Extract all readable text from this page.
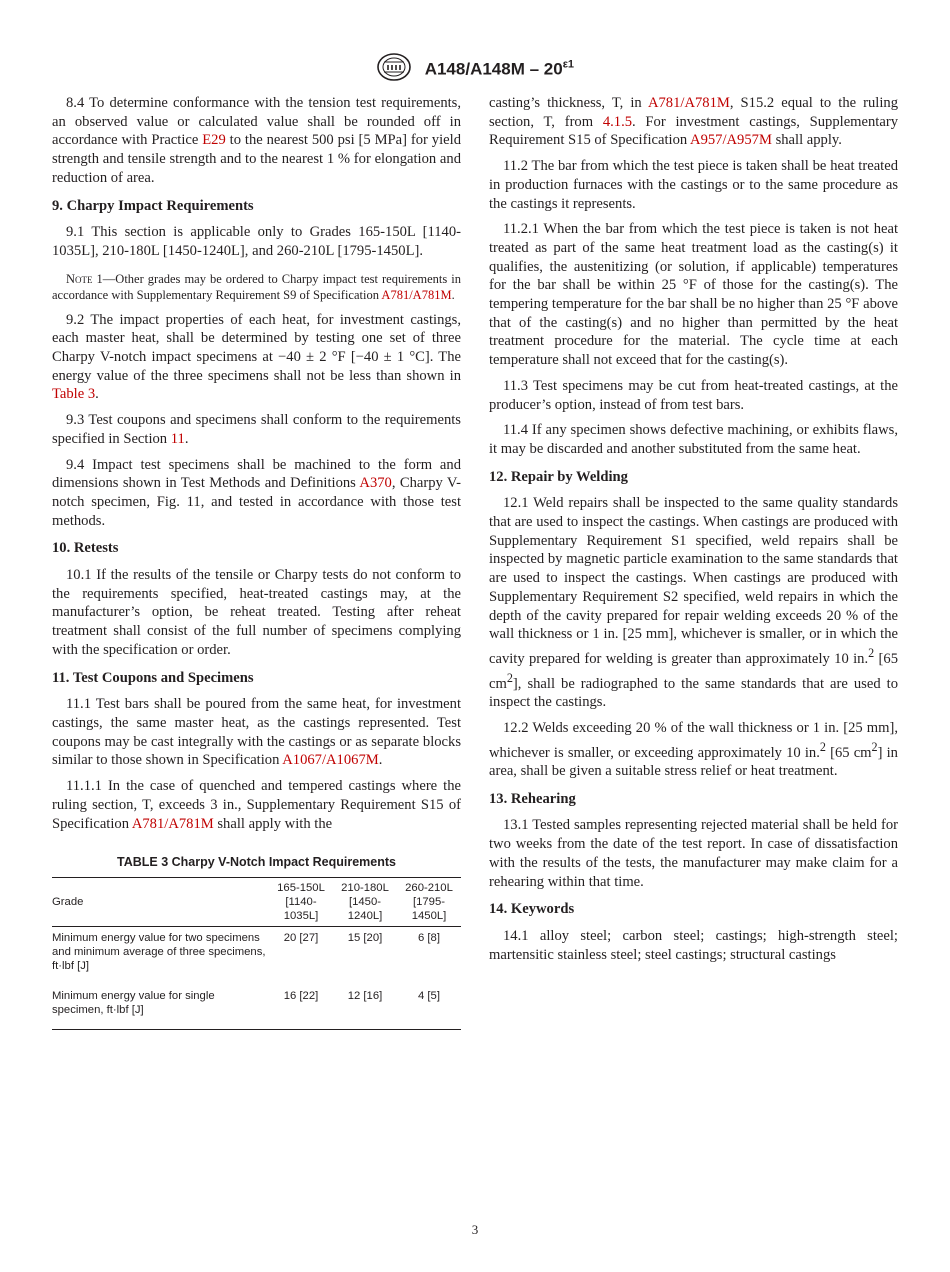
$A148/A148M - 20^{\varepsilon 1}$

8.4 To determine conformance with the tension test requirements, an observed value or calculated value shall be rounded off in accordance with Practice E29 to the nearest 500 psi [5 MPa] for yield strength and tensile strength and to the nearest 1 % for elongation and reduction of area.

9. Charpy Impact Requirements

9.1 This section is applicable only to Grades 165-150L [1140-1035L], 210-180L [1450-1240L], and 260-210L [1795-1450L].

Note 1—Other grades may be ordered to Charpy impact test requirements in accordance with Supplementary Requirement S9 of Specification A781/A781M.

9.2 The impact properties of each heat, for investment castings, each master heat, shall be determined by testing one set of three Charpy V-notch impact specimens at −40 ± 2 °F [−40 ± 1 °C]. The energy value of the three specimens shall not be less than shown in Table 3.

9.3 Test coupons and specimens shall conform to the requirements specified in Section 11.

9.4 Impact test specimens shall be machined to the form and dimensions shown in Test Methods and Definitions A370, Charpy V-notch specimen, Fig. 11, and tested in accordance with those test methods.

10. Retests

10.1 If the results of the tensile or Charpy tests do not conform to the requirements specified, heat-treated castings may, at the manufacturer’s option, be reheat treated. Testing after reheat treatment shall consist of the full number of specimens complying with the specification or order.

11. Test Coupons and Specimens

11.1 Test bars shall be poured from the same heat, for investment castings, the same master heat, as the castings represented. Test coupons may be cast integrally with the castings or as separate blocks similar to those shown in Specification A1067/A1067M.

11.1.1 In the case of quenched and tempered castings where the ruling section, T, exceeds 3 in., Supplementary Requirement S15 of Specification A781/A781M shall apply with the

TABLE 3 Charpy V-Notch Impact Requirements
Grade	165-150L [1140-1035L]	210-180L [1450-1240L]	260-210L [1795-1450L]
Minimum energy value for two specimens and minimum average of three specimens, ft·lbf [J]	20 [27]	15 [20]	6 [8]
Minimum energy value for single specimen, ft·lbf [J]	16 [22]	12 [16]	4 [5]

casting’s thickness, T, in A781/A781M, S15.2 equal to the ruling section, T, from 4.1.5. For investment castings, Supplementary Requirement S15 of Specification A957/A957M shall apply.

11.2 The bar from which the test piece is taken shall be heat treated in production furnaces with the castings or to the same procedure as the castings it represents.

11.2.1 When the bar from which the test piece is taken is not heat treated as part of the same heat treatment load as the casting(s) it qualifies, the austenitizing (or solution, if applicable) temperatures for the bar shall be within 25 °F of those for the casting(s). The tempering temperature for the bar shall be no higher than 25 °F above that of the casting(s) and no higher than permitted by the heat treatment procedure for the material. The cycle time at each temperature shall not exceed that for the casting(s).

11.3 Test specimens may be cut from heat-treated castings, at the producer’s option, instead of from test bars.

11.4 If any specimen shows defective machining, or exhibits flaws, it may be discarded and another substituted from the same heat.

12. Repair by Welding

12.1 Weld repairs shall be inspected to the same quality standards that are used to inspect the castings. When castings are produced with Supplementary Requirement S1 specified, weld repairs shall be inspected by magnetic particle examination to the same standards that are used to inspect the castings. When castings are produced with Supplementary Requirement S2 specified, weld repairs in which the depth of the cavity prepared for repair welding exceeds 20 % of the wall thickness or 1 in. [25 mm], whichever is smaller, or in which the cavity prepared for welding is greater than approximately 10 in.$^2$ [65 $cm^2$], shall be radiographed to the same standards that are used to inspect the castings.

12.2 Welds exceeding 20 % of the wall thickness or 1 in. [25 mm], whichever is smaller, or exceeding approximately 10 in.$^2$ [65 $cm^2$] in area, shall be given a suitable stress relief or heat treatment.

13. Rehearing

13.1 Tested samples representing rejected material shall be held for two weeks from the date of the test report. In case of dissatisfaction with the results of the tests, the manufacturer may make claim for a rehearing within that time.

14. Keywords

14.1 alloy steel; carbon steel; castings; high-strength steel; martensitic stainless steel; steel castings; structural castings

3
